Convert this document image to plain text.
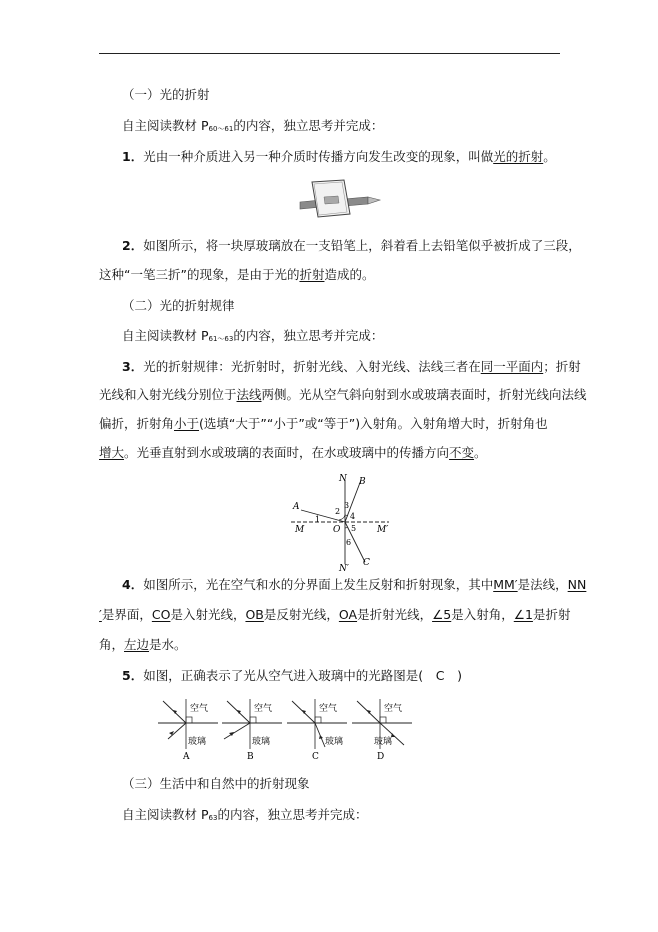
（一）光的折射
自主阅读教材 P60～61的内容，独立思考并完成：
1．光由一种介质进入另一种介质时传播方向发生改变的现象，叫做光的折射。
2．如图所示，将一块厚玻璃放在一支铅笔上，斜着看上去铅笔似乎被折成了三段，
这种“一笔三折”的现象，是由于光的折射造成的。
（二）光的折射规律
自主阅读教材 P61～63的内容，独立思考并完成：
3．光的折射规律：光折射时，折射光线、入射光线、法线三者在同一平面内；折射
光线和入射光线分别位于法线两侧。光从空气斜向射到水或玻璃表面时，折射光线向法线
偏折，折射角小于(选填“大于”“小于”或“等于”)入射角。入射角增大时，折射角也
增大。光垂直射到水或玻璃的表面时，在水或玻璃中的传播方向不变。
N B
A
M	O	M′
N′
C
1
2
3
4
5
6
4．如图所示，光在空气和水的分界面上发生反射和折射现象，其中MM′是法线，NN
′是界面，CO是入射光线，OB是反射光线，OA是折射光线，∠5是入射角，∠1是折射
角，左边是水。
5．如图，正确表示了光从空气进入玻璃中的光路图是( C )
空气
玻璃
A
空气
玻璃
B
空气
玻璃
C
空气
玻璃
D
（三）生活中和自然中的折射现象
自主阅读教材 P63的内容，独立思考并完成：
